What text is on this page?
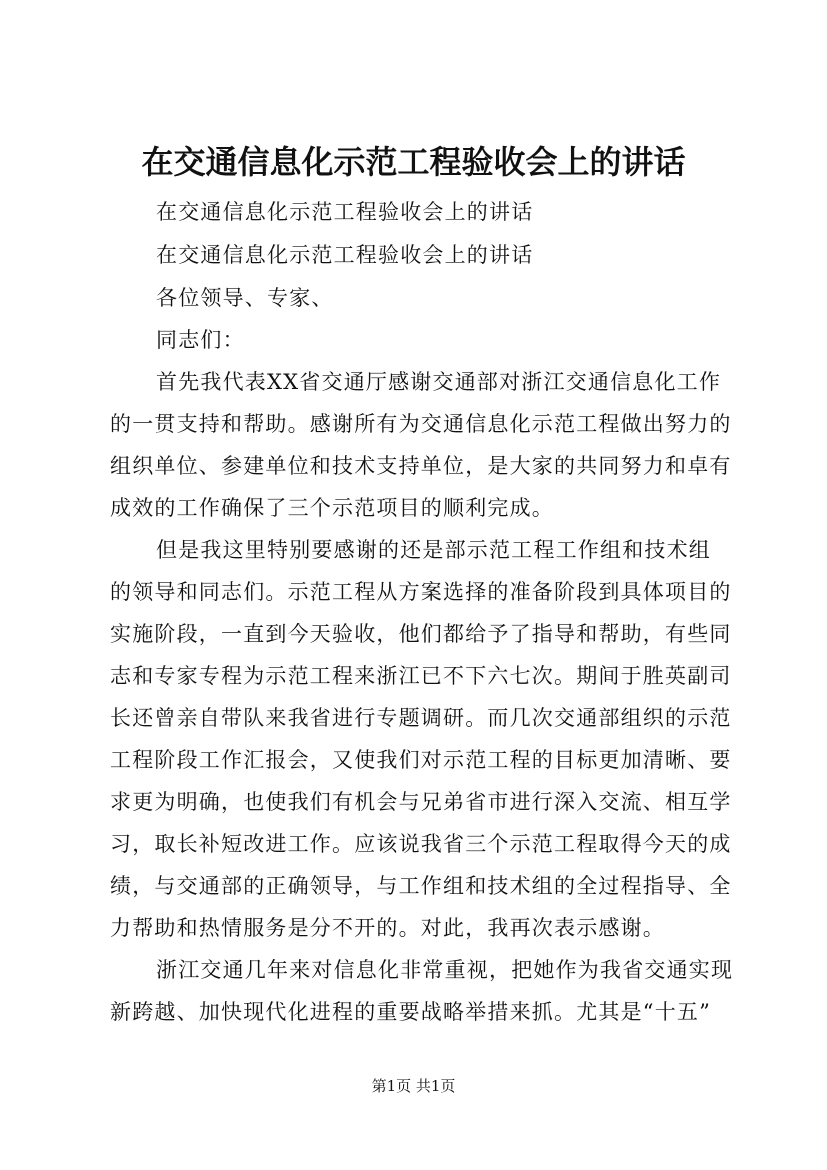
在交通信息化示范工程验收会上的讲话
在交通信息化示范工程验收会上的讲话
在交通信息化示范工程验收会上的讲话
各位领导、专家、
同志们：
首先我代表XX省交通厅感谢交通部对浙江交通信息化工作
的一贯支持和帮助。感谢所有为交通信息化示范工程做出努力的
组织单位、参建单位和技术支持单位，是大家的共同努力和卓有
成效的工作确保了三个示范项目的顺利完成。
但是我这里特别要感谢的还是部示范工程工作组和技术组
的领导和同志们。示范工程从方案选择的准备阶段到具体项目的
实施阶段，一直到今天验收，他们都给予了指导和帮助，有些同
志和专家专程为示范工程来浙江已不下六七次。期间于胜英副司
长还曾亲自带队来我省进行专题调研。而几次交通部组织的示范
工程阶段工作汇报会，又使我们对示范工程的目标更加清晰、要
求更为明确，也使我们有机会与兄弟省市进行深入交流、相互学
习，取长补短改进工作。应该说我省三个示范工程取得今天的成
绩，与交通部的正确领导，与工作组和技术组的全过程指导、全
力帮助和热情服务是分不开的。对此，我再次表示感谢。
浙江交通几年来对信息化非常重视，把她作为我省交通实现
新跨越、加快现代化进程的重要战略举措来抓。尤其是“十五”
第1页 共1页
